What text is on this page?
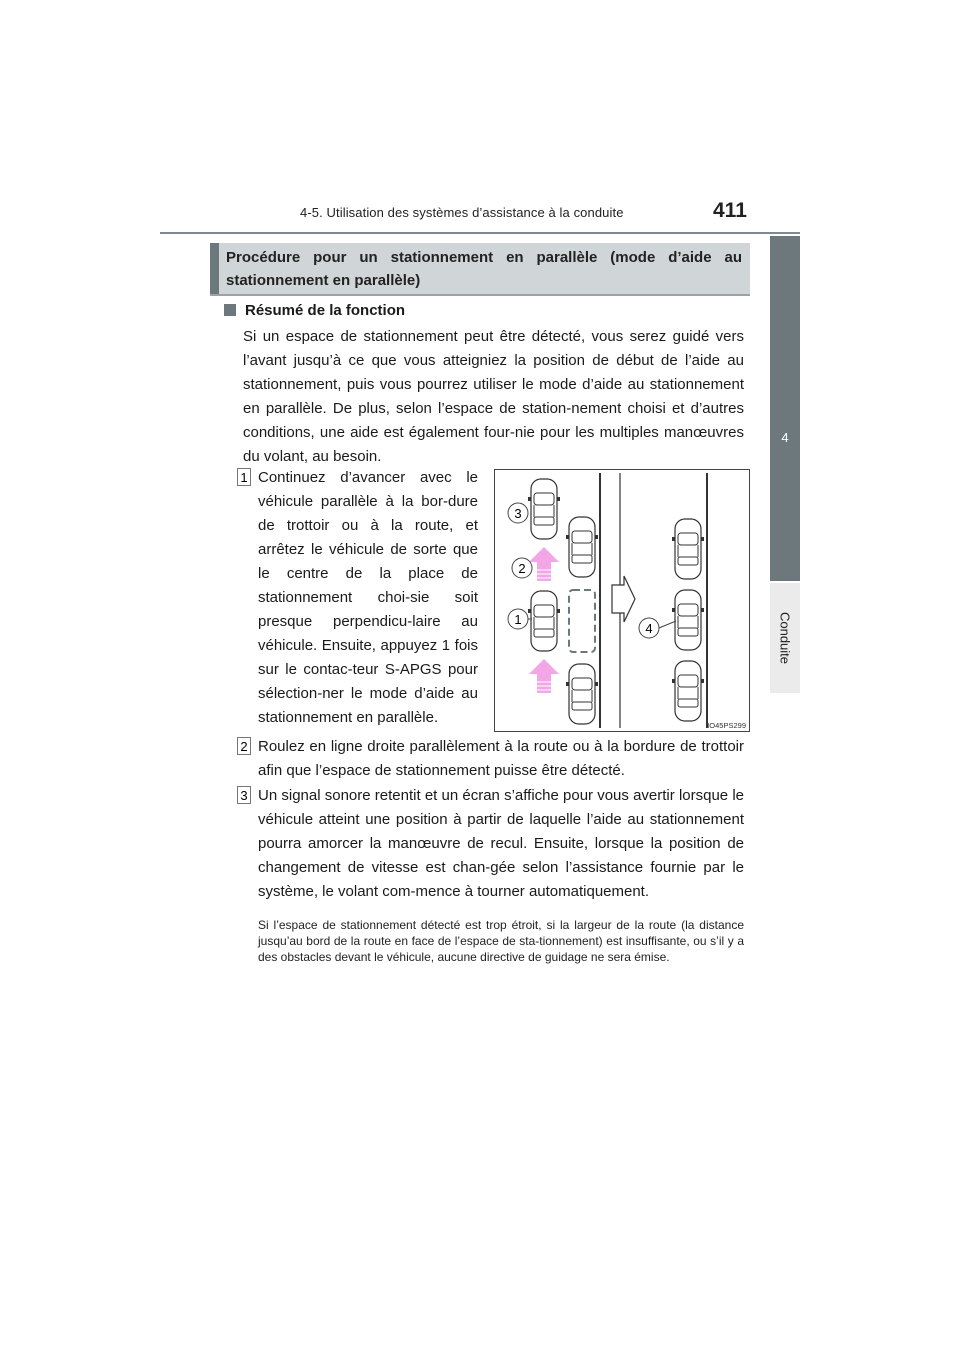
4-5. Utilisation des systèmes d’assistance à la conduite	411
4
Conduite
Procédure pour un stationnement en parallèle (mode d’aide au stationnement en parallèle)
Résumé de la fonction
Si un espace de stationnement peut être détecté, vous serez guidé vers l’avant jusqu’à ce que vous atteigniez la position de début de l’aide au stationnement, puis vous pourrez utiliser le mode d’aide au stationnement en parallèle. De plus, selon l’espace de station-nement choisi et d’autres conditions, une aide est également four-nie pour les multiples manœuvres du volant, au besoin.
1 Continuez d’avancer avec le véhicule parallèle à la bor-dure de trottoir ou à la route, et arrêtez le véhicule de sorte que le centre de la place de stationnement choi-sie soit presque perpendicu-laire au véhicule. Ensuite, appuyez 1 fois sur le contac-teur S-APGS pour sélection-ner le mode d’aide au stationnement en parallèle.
2 Roulez en ligne droite parallèlement à la route ou à la bordure de trottoir afin que l’espace de stationnement puisse être détecté.
3 Un signal sonore retentit et un écran s’affiche pour vous avertir lorsque le véhicule atteint une position à partir de laquelle l’aide au stationnement pourra amorcer la manœuvre de recul. Ensuite, lorsque la position de changement de vitesse est chan-gée selon l’assistance fournie par le système, le volant com-mence à tourner automatiquement.
Si l’espace de stationnement détecté est trop étroit, si la largeur de la route (la distance jusqu’au bord de la route en face de l’espace de sta-tionnement) est insuffisante, ou s’il y a des obstacles devant le véhicule, aucune directive de guidage ne sera émise.
3
2
1
4
IO45PS299
